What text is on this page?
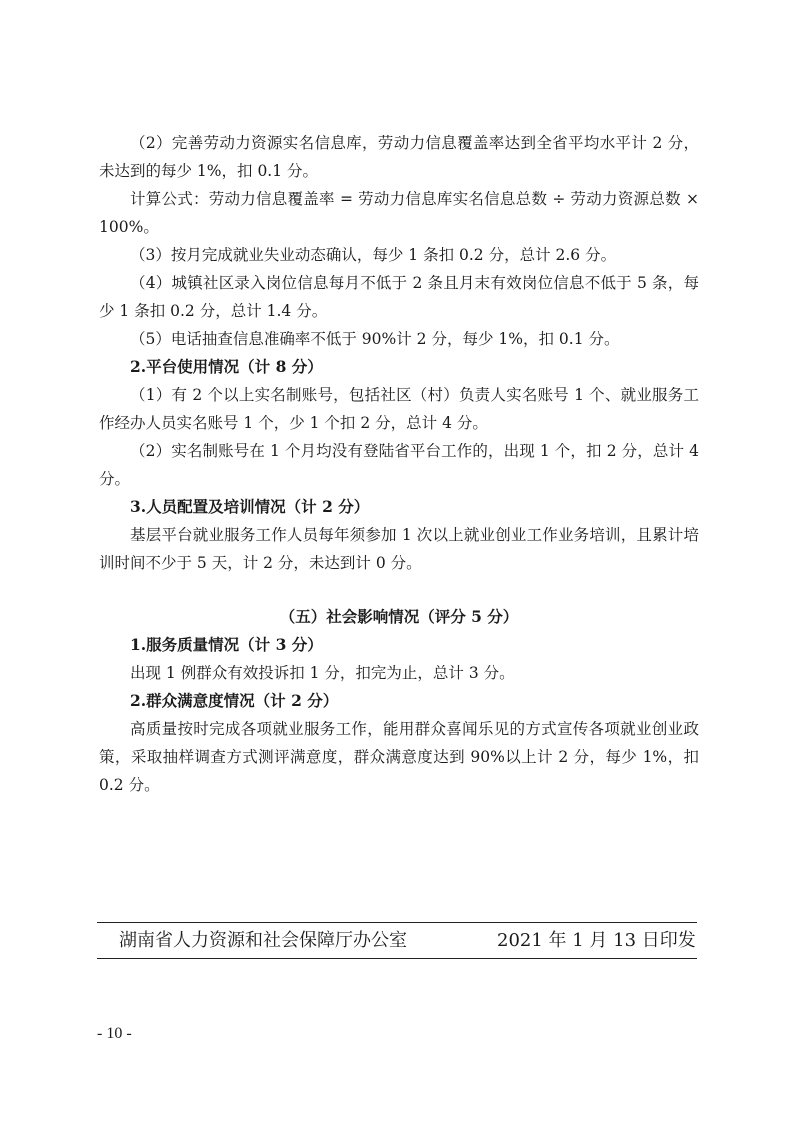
（2）完善劳动力资源实名信息库，劳动力信息覆盖率达到全省平均水平计 2 分，未达到的每少 1%，扣 0.1 分。

计算公式：劳动力信息覆盖率 = 劳动力信息库实名信息总数 ÷ 劳动力资源总数 × 100%。

（3）按月完成就业失业动态确认，每少 1 条扣 0.2 分，总计 2.6 分。

（4）城镇社区录入岗位信息每月不低于 2 条且月末有效岗位信息不低于 5 条，每少 1 条扣 0.2 分，总计 1.4 分。

（5）电话抽查信息准确率不低于 90%计 2 分，每少 1%，扣 0.1 分。

2.平台使用情况（计 8 分）

（1）有 2 个以上实名制账号，包括社区（村）负责人实名账号 1 个、就业服务工作经办人员实名账号 1 个，少 1 个扣 2 分，总计 4 分。

（2）实名制账号在 1 个月均没有登陆省平台工作的，出现 1 个，扣 2 分，总计 4 分。

3.人员配置及培训情况（计 2 分）

基层平台就业服务工作人员每年须参加 1 次以上就业创业工作业务培训，且累计培训时间不少于 5 天，计 2 分，未达到计 0 分。

（五）社会影响情况（评分 5 分）

1.服务质量情况（计 3 分）

出现 1 例群众有效投诉扣 1 分，扣完为止，总计 3 分。

2.群众满意度情况（计 2 分）

高质量按时完成各项就业服务工作，能用群众喜闻乐见的方式宣传各项就业创业政策，采取抽样调查方式测评满意度，群众满意度达到 90%以上计 2 分，每少 1%，扣 0.2 分。

湖南省人力资源和社会保障厅办公室	2021 年 1 月 13 日印发
- 10 -
